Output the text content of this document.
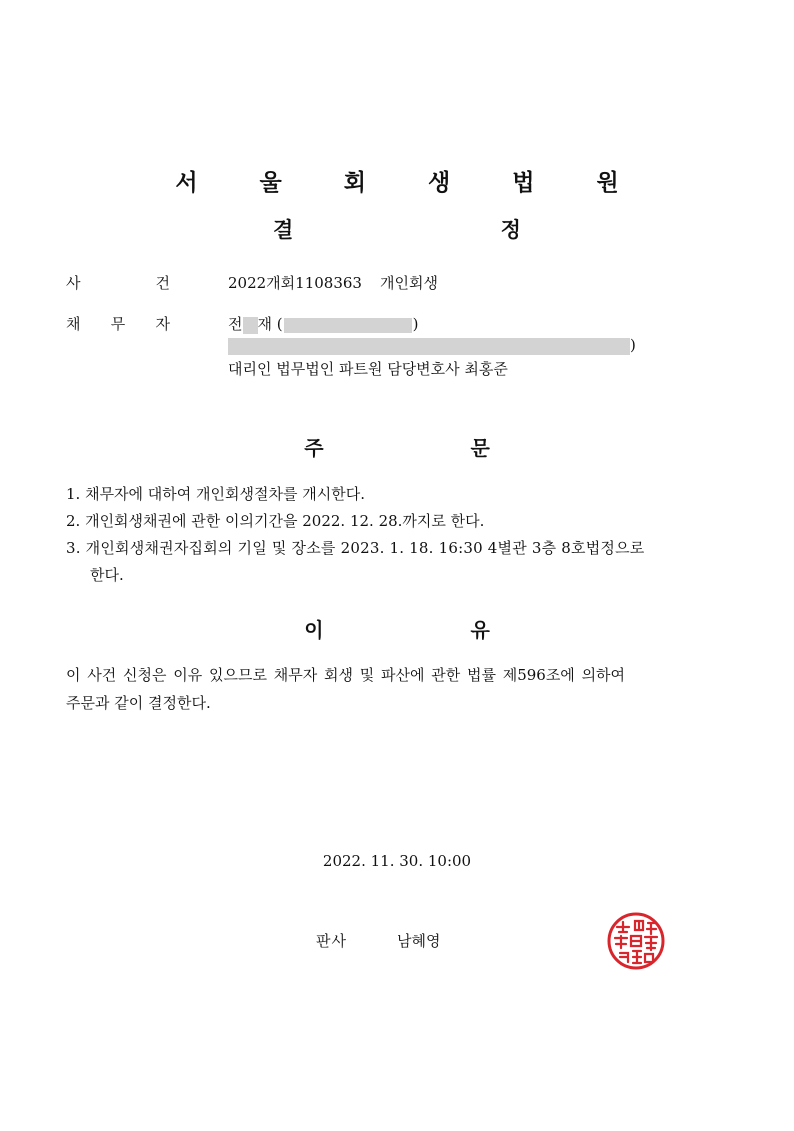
서 울 회 생 법 원
결 정
사	건	2022개회1108363 개인회생
채 무 자	전 재 (	)
)
대리인 법무법인 파트원 담당변호사 최홍준
주 문
1. 채무자에 대하여 개인회생절차를 개시한다.
2. 개인회생채권에 관한 이의기간을 2022. 12. 28.까지로 한다.
3. 개인회생채권자집회의 기일 및 장소를 2023. 1. 18. 16:30 4별관 3층 8호법정으로
한다.
이 유
이 사건 신청은 이유 있으므로 채무자 회생 및 파산에 관한 법률 제596조에 의하여
주문과 같이 결정한다.
2022. 11. 30. 10:00
판사	남혜영
